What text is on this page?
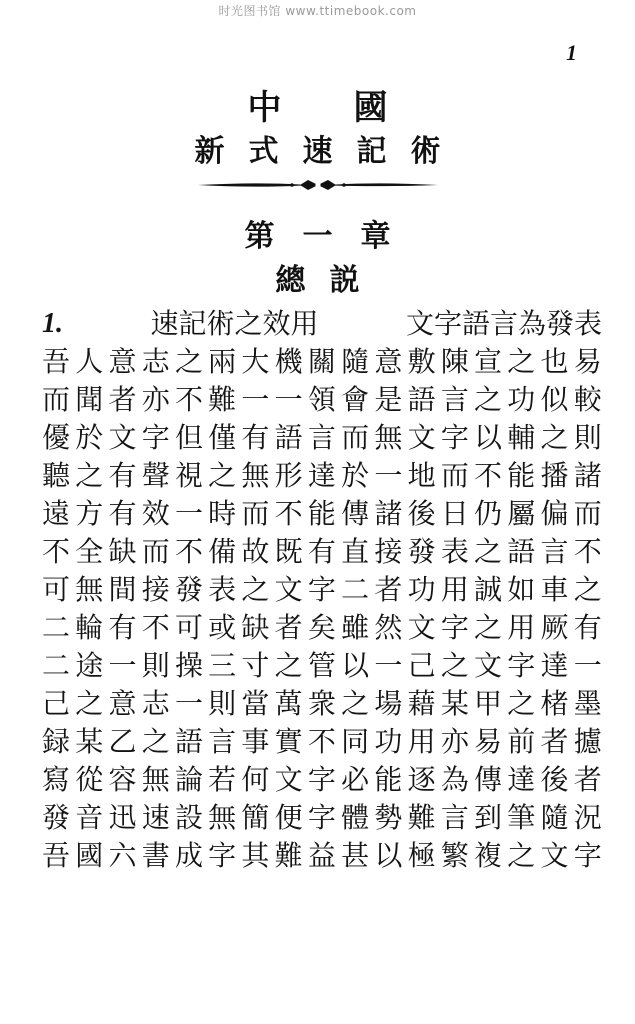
时光图书馆 www.ttimebook.com
1
中 國
新 式 速 記 術
第 一 章
總 説
1.	速記術之效用	文字語言為發表
吾 人 意 志 之 兩 大 機 關 隨 意 敷 陳 宣 之 也 易
而 聞 者 亦 不 難 一 一 領 會 是 語 言 之 功 似 較
優 於 文 字 但 僅 有 語 言 而 無 文 字 以 輔 之 則
聽 之 有 聲 視 之 無 形 達 於 一 地 而 不 能 播 諸
遠 方 有 效 一 時 而 不 能 傳 諸 後 日 仍 屬 偏 而
不 全 缺 而 不 備 故 既 有 直 接 發 表 之 語 言 不
可 無 間 接 發 表 之 文 字 二 者 功 用 誠 如 車 之
二 輪 有 不 可 或 缺 者 矣 雖 然 文 字 之 用 厥 有
二 途 一 則 操 三 寸 之 管 以 一 己 之 文 字 達 一
己 之 意 志 一 則 當 萬 衆 之 場 藉 某 甲 之 楮 墨
録 某 乙 之 語 言 事 實 不 同 功 用 亦 易 前 者 攄
寫 從 容 無 論 若 何 文 字 必 能 逐 為 傳 達 後 者
發 音 迅 速 設 無 簡 便 字 體 勢 難 言 到 筆 隨 況
吾 國 六 書 成 字 其 難 益 甚 以 極 繁 複 之 文 字
